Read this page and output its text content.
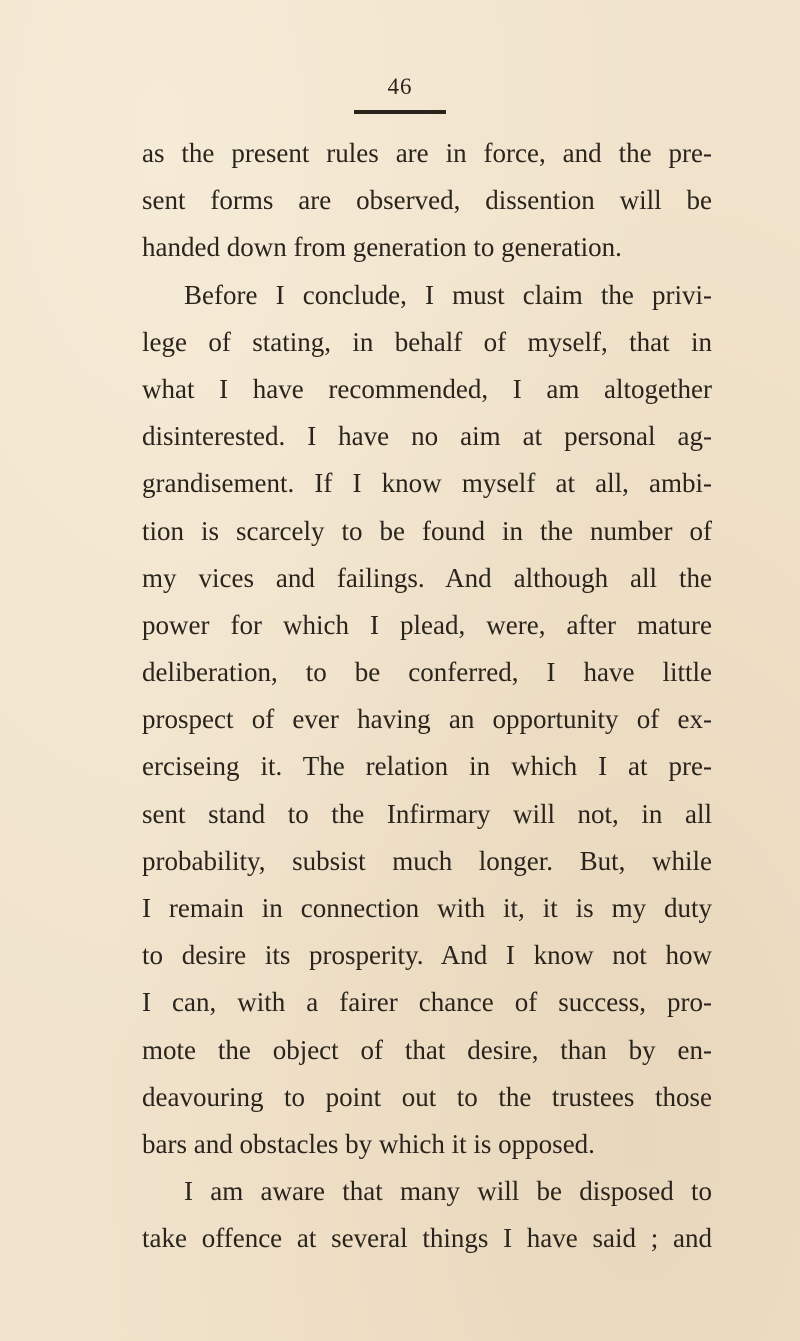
46
as the present rules are in force, and the pre-
sent forms are observed, dissention will be
handed down from generation to generation.
Before I conclude, I must claim the privi-
lege of stating, in behalf of myself, that in
what I have recommended, I am altogether
disinterested. I have no aim at personal ag-
grandisement. If I know myself at all, ambi-
tion is scarcely to be found in the number of
my vices and failings. And although all the
power for which I plead, were, after mature
deliberation, to be conferred, I have little
prospect of ever having an opportunity of ex-
erciseing it. The relation in which I at pre-
sent stand to the Infirmary will not, in all
probability, subsist much longer. But, while
I remain in connection with it, it is my duty
to desire its prosperity. And I know not how
I can, with a fairer chance of success, pro-
mote the object of that desire, than by en-
deavouring to point out to the trustees those
bars and obstacles by which it is opposed.
I am aware that many will be disposed to
take offence at several things I have said ; and
